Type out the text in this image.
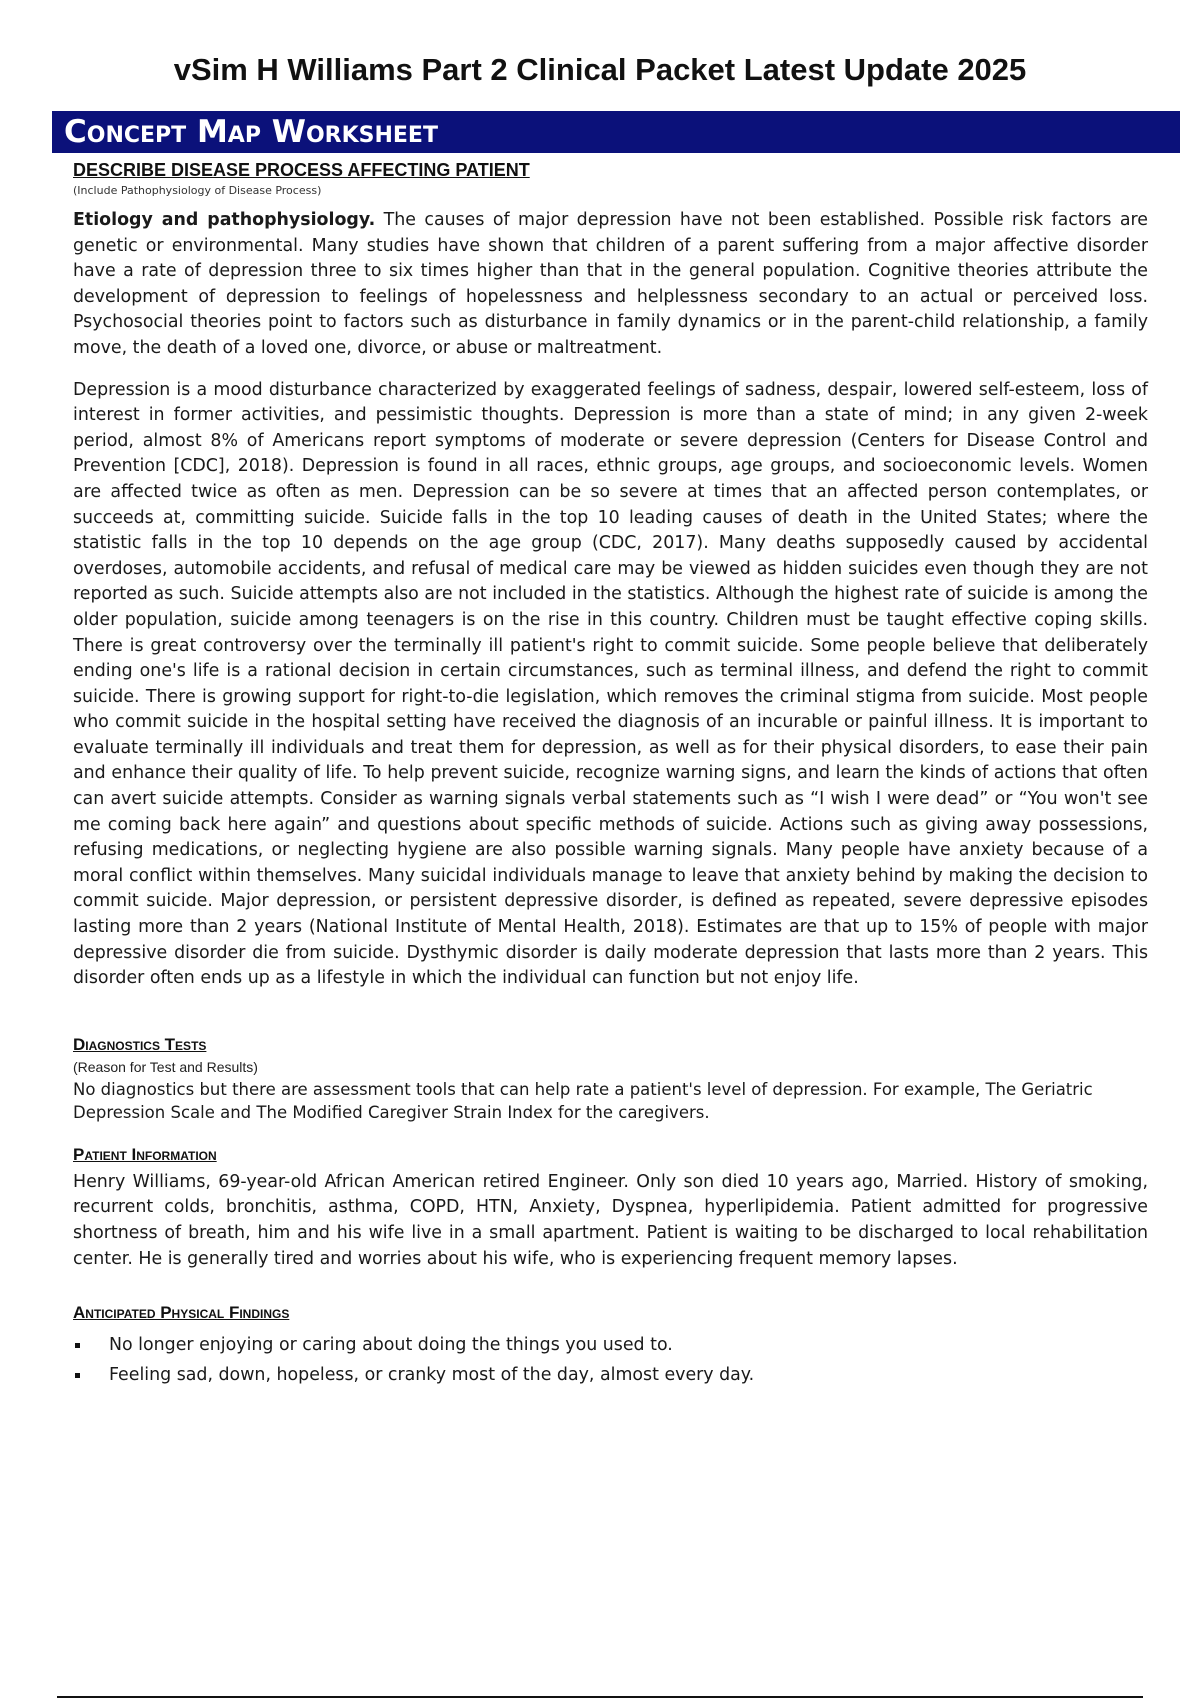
vSim H Williams Part 2 Clinical Packet Latest Update 2025
Concept Map Worksheet
DESCRIBE DISEASE PROCESS AFFECTING PATIENT
(Include Pathophysiology of Disease Process)

Etiology and pathophysiology. The causes of major depression have not been established. Possible risk factors are genetic or environmental. Many studies have shown that children of a parent suffering from a major affective disorder have a rate of depression three to six times higher than that in the general population. Cognitive theories attribute the development of depression to feelings of hopelessness and helplessness secondary to an actual or perceived loss. Psychosocial theories point to factors such as disturbance in family dynamics or in the parent-child relationship, a family move, the death of a loved one, divorce, or abuse or maltreatment.

Depression is a mood disturbance characterized by exaggerated feelings of sadness, despair, lowered self-esteem, loss of interest in former activities, and pessimistic thoughts. Depression is more than a state of mind; in any given 2-week period, almost 8% of Americans report symptoms of moderate or severe depression (Centers for Disease Control and Prevention [CDC], 2018). Depression is found in all races, ethnic groups, age groups, and socioeconomic levels. Women are affected twice as often as men. Depression can be so severe at times that an affected person contemplates, or succeeds at, committing suicide. Suicide falls in the top 10 leading causes of death in the United States; where the statistic falls in the top 10 depends on the age group (CDC, 2017). Many deaths supposedly caused by accidental overdoses, automobile accidents, and refusal of medical care may be viewed as hidden suicides even though they are not reported as such. Suicide attempts also are not included in the statistics. Although the highest rate of suicide is among the older population, suicide among teenagers is on the rise in this country. Children must be taught effective coping skills. There is great controversy over the terminally ill patient's right to commit suicide. Some people believe that deliberately ending one's life is a rational decision in certain circumstances, such as terminal illness, and defend the right to commit suicide. There is growing support for right-to-die legislation, which removes the criminal stigma from suicide. Most people who commit suicide in the hospital setting have received the diagnosis of an incurable or painful illness. It is important to evaluate terminally ill individuals and treat them for depression, as well as for their physical disorders, to ease their pain and enhance their quality of life. To help prevent suicide, recognize warning signs, and learn the kinds of actions that often can avert suicide attempts. Consider as warning signals verbal statements such as “I wish I were dead” or “You won't see me coming back here again” and questions about specific methods of suicide. Actions such as giving away possessions, refusing medications, or neglecting hygiene are also possible warning signals. Many people have anxiety because of a moral conflict within themselves. Many suicidal individuals manage to leave that anxiety behind by making the decision to commit suicide. Major depression, or persistent depressive disorder, is defined as repeated, severe depressive episodes lasting more than 2 years (National Institute of Mental Health, 2018). Estimates are that up to 15% of people with major depressive disorder die from suicide. Dysthymic disorder is daily moderate depression that lasts more than 2 years. This disorder often ends up as a lifestyle in which the individual can function but not enjoy life.

Diagnostics Tests
(Reason for Test and Results)

No diagnostics but there are assessment tools that can help rate a patient's level of depression. For example, The Geriatric Depression Scale and The Modified Caregiver Strain Index for the caregivers.

Patient Information

Henry Williams, 69-year-old African American retired Engineer. Only son died 10 years ago, Married. History of smoking, recurrent colds, bronchitis, asthma, COPD, HTN, Anxiety, Dyspnea, hyperlipidemia. Patient admitted for progressive shortness of breath, him and his wife live in a small apartment. Patient is waiting to be discharged to local rehabilitation center. He is generally tired and worries about his wife, who is experiencing frequent memory lapses.

Anticipated Physical Findings
No longer enjoying or caring about doing the things you used to.
Feeling sad, down, hopeless, or cranky most of the day, almost every day.
